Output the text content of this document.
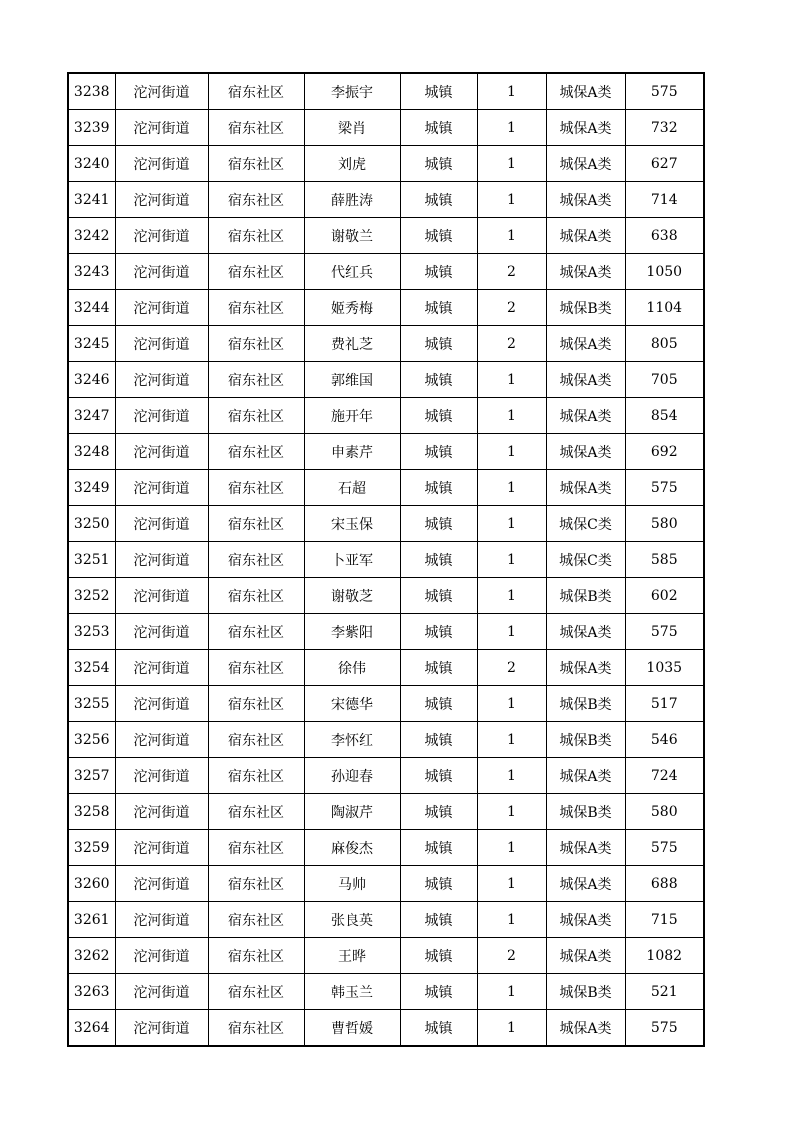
3238	沱河街道	宿东社区	李振宇	城镇	1	城保A类	575
3239	沱河街道	宿东社区	梁肖	城镇	1	城保A类	732
3240	沱河街道	宿东社区	刘虎	城镇	1	城保A类	627
3241	沱河街道	宿东社区	薛胜涛	城镇	1	城保A类	714
3242	沱河街道	宿东社区	谢敬兰	城镇	1	城保A类	638
3243	沱河街道	宿东社区	代红兵	城镇	2	城保A类	1050
3244	沱河街道	宿东社区	姬秀梅	城镇	2	城保B类	1104
3245	沱河街道	宿东社区	费礼芝	城镇	2	城保A类	805
3246	沱河街道	宿东社区	郭维国	城镇	1	城保A类	705
3247	沱河街道	宿东社区	施开年	城镇	1	城保A类	854
3248	沱河街道	宿东社区	申素芹	城镇	1	城保A类	692
3249	沱河街道	宿东社区	石超	城镇	1	城保A类	575
3250	沱河街道	宿东社区	宋玉保	城镇	1	城保C类	580
3251	沱河街道	宿东社区	卜亚军	城镇	1	城保C类	585
3252	沱河街道	宿东社区	谢敬芝	城镇	1	城保B类	602
3253	沱河街道	宿东社区	李紫阳	城镇	1	城保A类	575
3254	沱河街道	宿东社区	徐伟	城镇	2	城保A类	1035
3255	沱河街道	宿东社区	宋德华	城镇	1	城保B类	517
3256	沱河街道	宿东社区	李怀红	城镇	1	城保B类	546
3257	沱河街道	宿东社区	孙迎春	城镇	1	城保A类	724
3258	沱河街道	宿东社区	陶淑芹	城镇	1	城保B类	580
3259	沱河街道	宿东社区	麻俊杰	城镇	1	城保A类	575
3260	沱河街道	宿东社区	马帅	城镇	1	城保A类	688
3261	沱河街道	宿东社区	张良英	城镇	1	城保A类	715
3262	沱河街道	宿东社区	王晔	城镇	2	城保A类	1082
3263	沱河街道	宿东社区	韩玉兰	城镇	1	城保B类	521
3264	沱河街道	宿东社区	曹哲媛	城镇	1	城保A类	575
